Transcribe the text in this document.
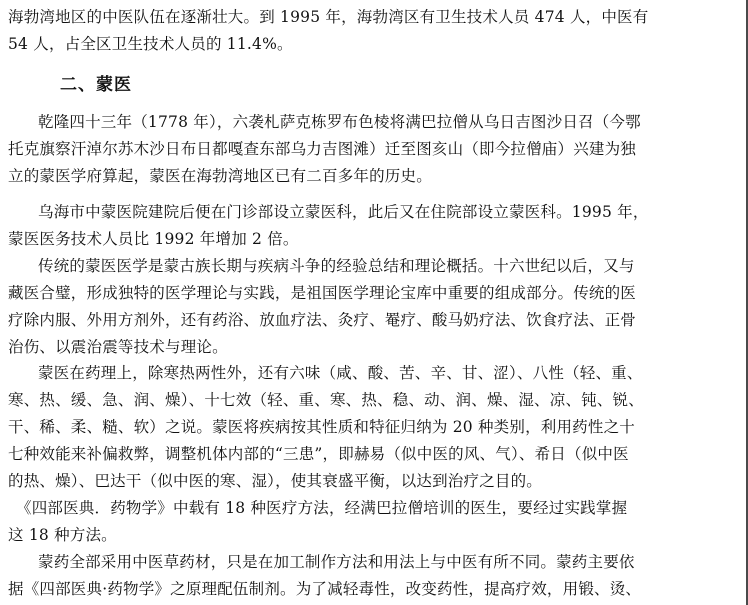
海勃湾地区的中医队伍在逐渐壮大。到 1995 年，海勃湾区有卫生技术人员 474 人，中医有
54 人，占全区卫生技术人员的 11.4%。
二、蒙医
乾隆四十三年（1778 年），六袭札萨克栋罗布色棱将满巴拉僧从乌日吉图沙日召（今鄂
托克旗察汗淖尔苏木沙日布日都嘎查东部乌力吉图滩）迁至图亥山（即今拉僧庙）兴建为独
立的蒙医学府算起，蒙医在海勃湾地区已有二百多年的历史。
乌海市中蒙医院建院后便在门诊部设立蒙医科，此后又在住院部设立蒙医科。1995 年，
蒙医医务技术人员比 1992 年增加 2 倍。
传统的蒙医医学是蒙古族长期与疾病斗争的经验总结和理论概括。十六世纪以后，又与
藏医合璧，形成独特的医学理论与实践，是祖国医学理论宝库中重要的组成部分。传统的医
疗除内服、外用方剂外，还有药浴、放血疗法、灸疗、罨疗、酸马奶疗法、饮食疗法、正骨
治伤、以震治震等技术与理论。
蒙医在药理上，除寒热两性外，还有六味（咸、酸、苦、辛、甘、涩）、八性（轻、重、
寒、热、缓、急、润、燥）、十七效（轻、重、寒、热、稳、动、润、燥、湿、凉、钝、锐、
干、稀、柔、糙、软）之说。蒙医将疾病按其性质和特征归纳为 20 种类别，利用药性之十
七种效能来补偏救弊，调整机体内部的“三患”，即赫易（似中医的风、气）、希日（似中医
的热、燥）、巴达干（似中医的寒、湿），使其衰盛平衡，以达到治疗之目的。
《四部医典．药物学》中载有 18 种医疗方法，经满巴拉僧培训的医生，要经过实践掌握
这 18 种方法。
蒙药全部采用中医草药材，只是在加工制作方法和用法上与中医有所不同。蒙药主要依
据《四部医典·药物学》之原理配伍制剂。为了减轻毒性，改变药性，提高疗效，用锻、烫、
